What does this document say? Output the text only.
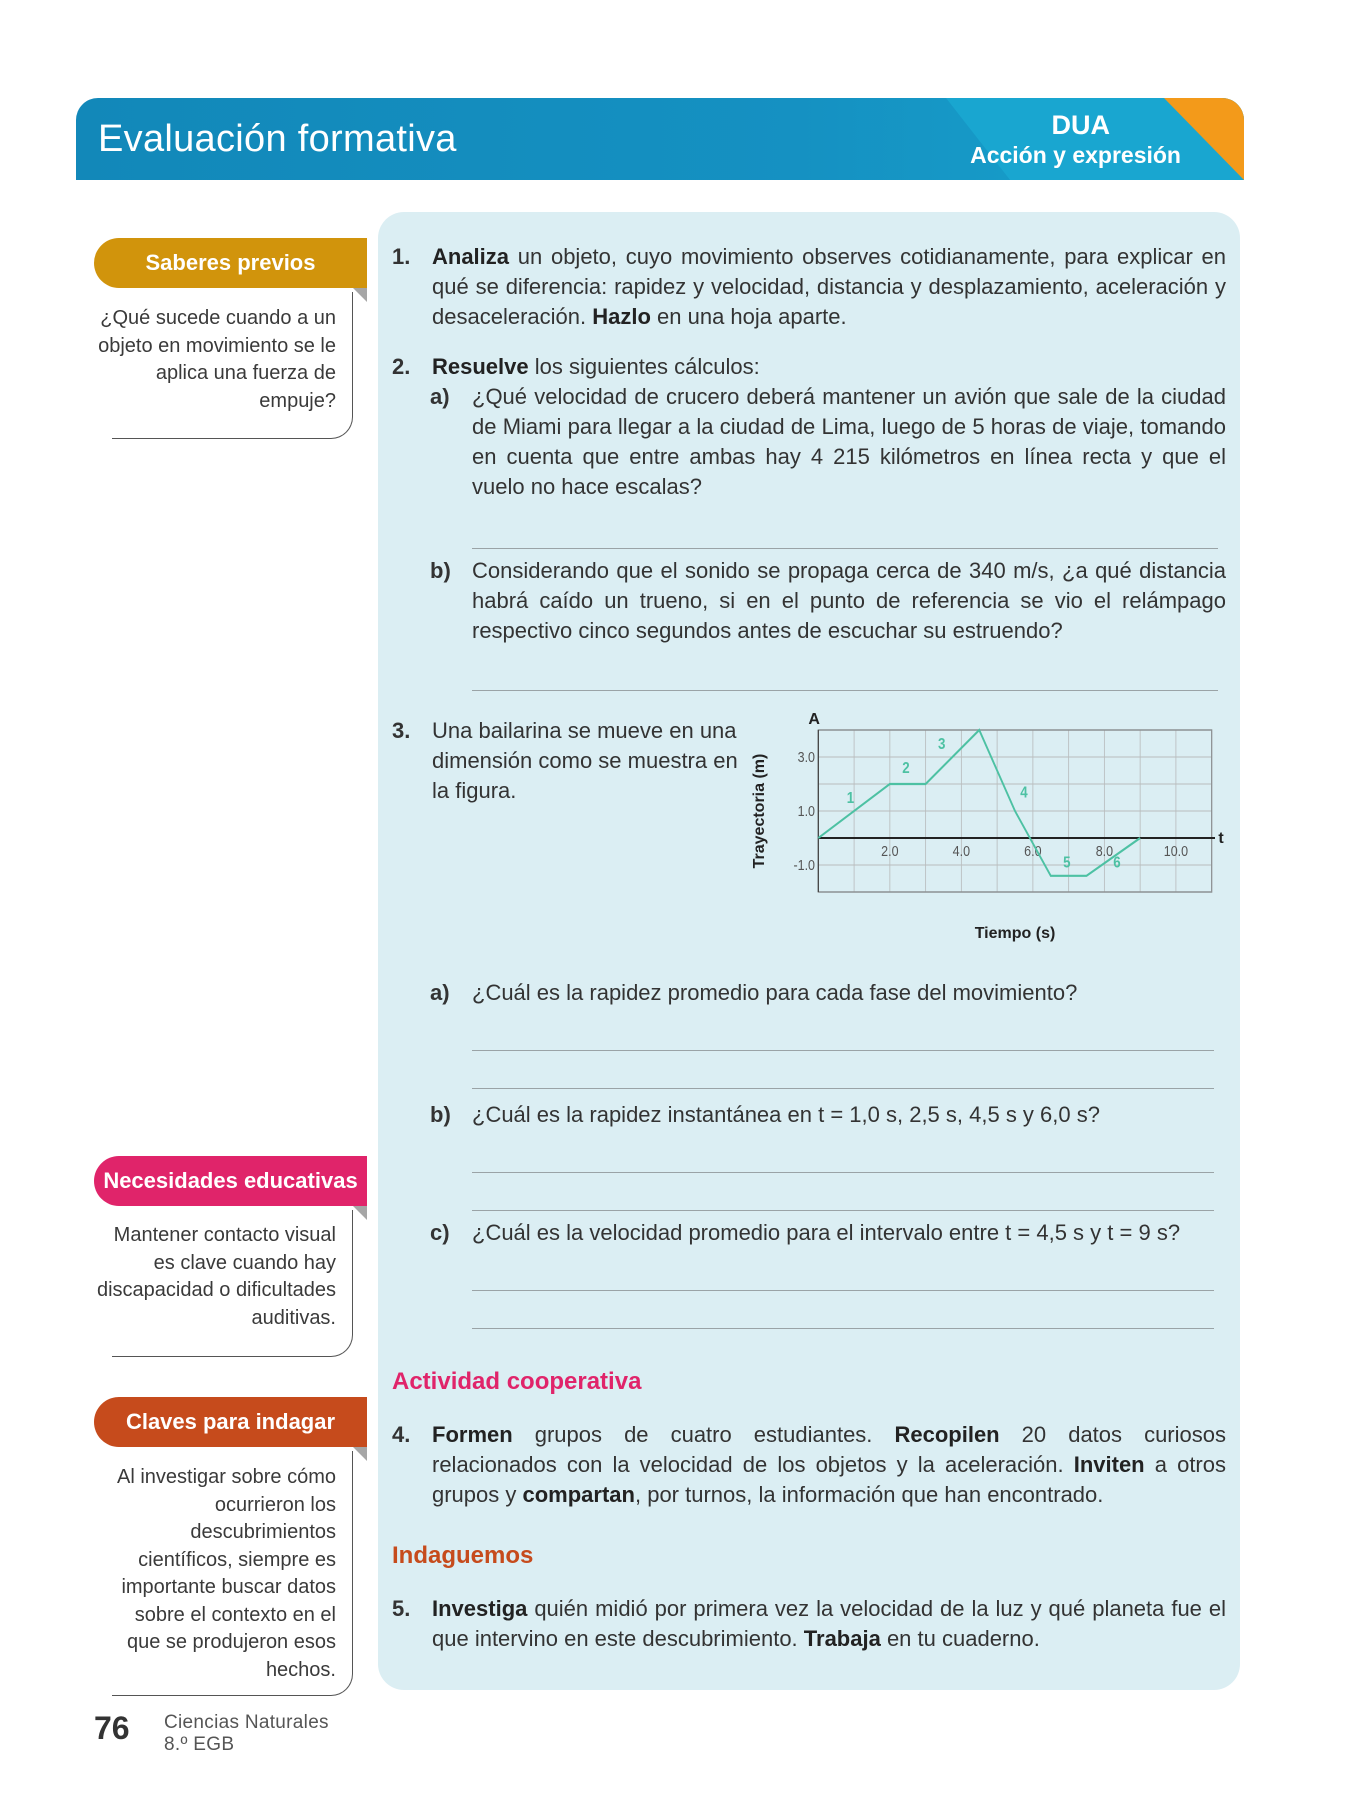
Evaluación formativa	DUA
Acción y expresión
Saberes previos
¿Qué sucede cuando a un objeto en movimiento se le aplica una fuerza de empuje?
Necesidades educativas
Mantener contacto visual es clave cuando hay discapacidad o dificultades auditivas.
Claves para indagar
Al investigar sobre cómo ocurrieron los descubrimientos científicos, siempre es importante buscar datos sobre el contexto en el que se produjeron esos hechos.
1. Analiza un objeto, cuyo movimiento observes cotidianamente, para explicar en qué se diferencia: rapidez y velocidad, distancia y desplazamiento, aceleración y desaceleración. Hazlo en una hoja aparte.
2. Resuelve los siguientes cálculos:
a) ¿Qué velocidad de crucero deberá mantener un avión que sale de la ciudad de Miami para llegar a la ciudad de Lima, luego de 5 horas de viaje, tomando en cuenta que entre ambas hay 4 215 kilómetros en línea recta y que el vuelo no hace escalas?
b) Considerando que el sonido se propaga cerca de 340 m/s, ¿a qué distancia habrá caído un trueno, si en el punto de referencia se vio el relámpago respectivo cinco segundos antes de escuchar su estruendo?
3. Una bailarina se mueve en una dimensión como se muestra en la figura.
2.0	4.0	6.0	8.0	10.0
3.0
1.0
-1.0
1
2
3
4
5	6
A
t
Tiempo (s)
Trayectoria (m)
a) ¿Cuál es la rapidez promedio para cada fase del movimiento?
b) ¿Cuál es la rapidez instantánea en t = 1,0 s, 2,5 s, 4,5 s y 6,0 s?
c) ¿Cuál es la velocidad promedio para el intervalo entre t = 4,5 s y t = 9 s?
Actividad cooperativa
4. Formen grupos de cuatro estudiantes. Recopilen 20 datos curiosos relacionados con la velocidad de los objetos y la aceleración. Inviten a otros grupos y compartan, por turnos, la información que han encontrado.
Indaguemos
5. Investiga quién midió por primera vez la velocidad de la luz y qué planeta fue el que intervino en este descubrimiento. Trabaja en tu cuaderno.
76 Ciencias Naturales
8.º EGB
